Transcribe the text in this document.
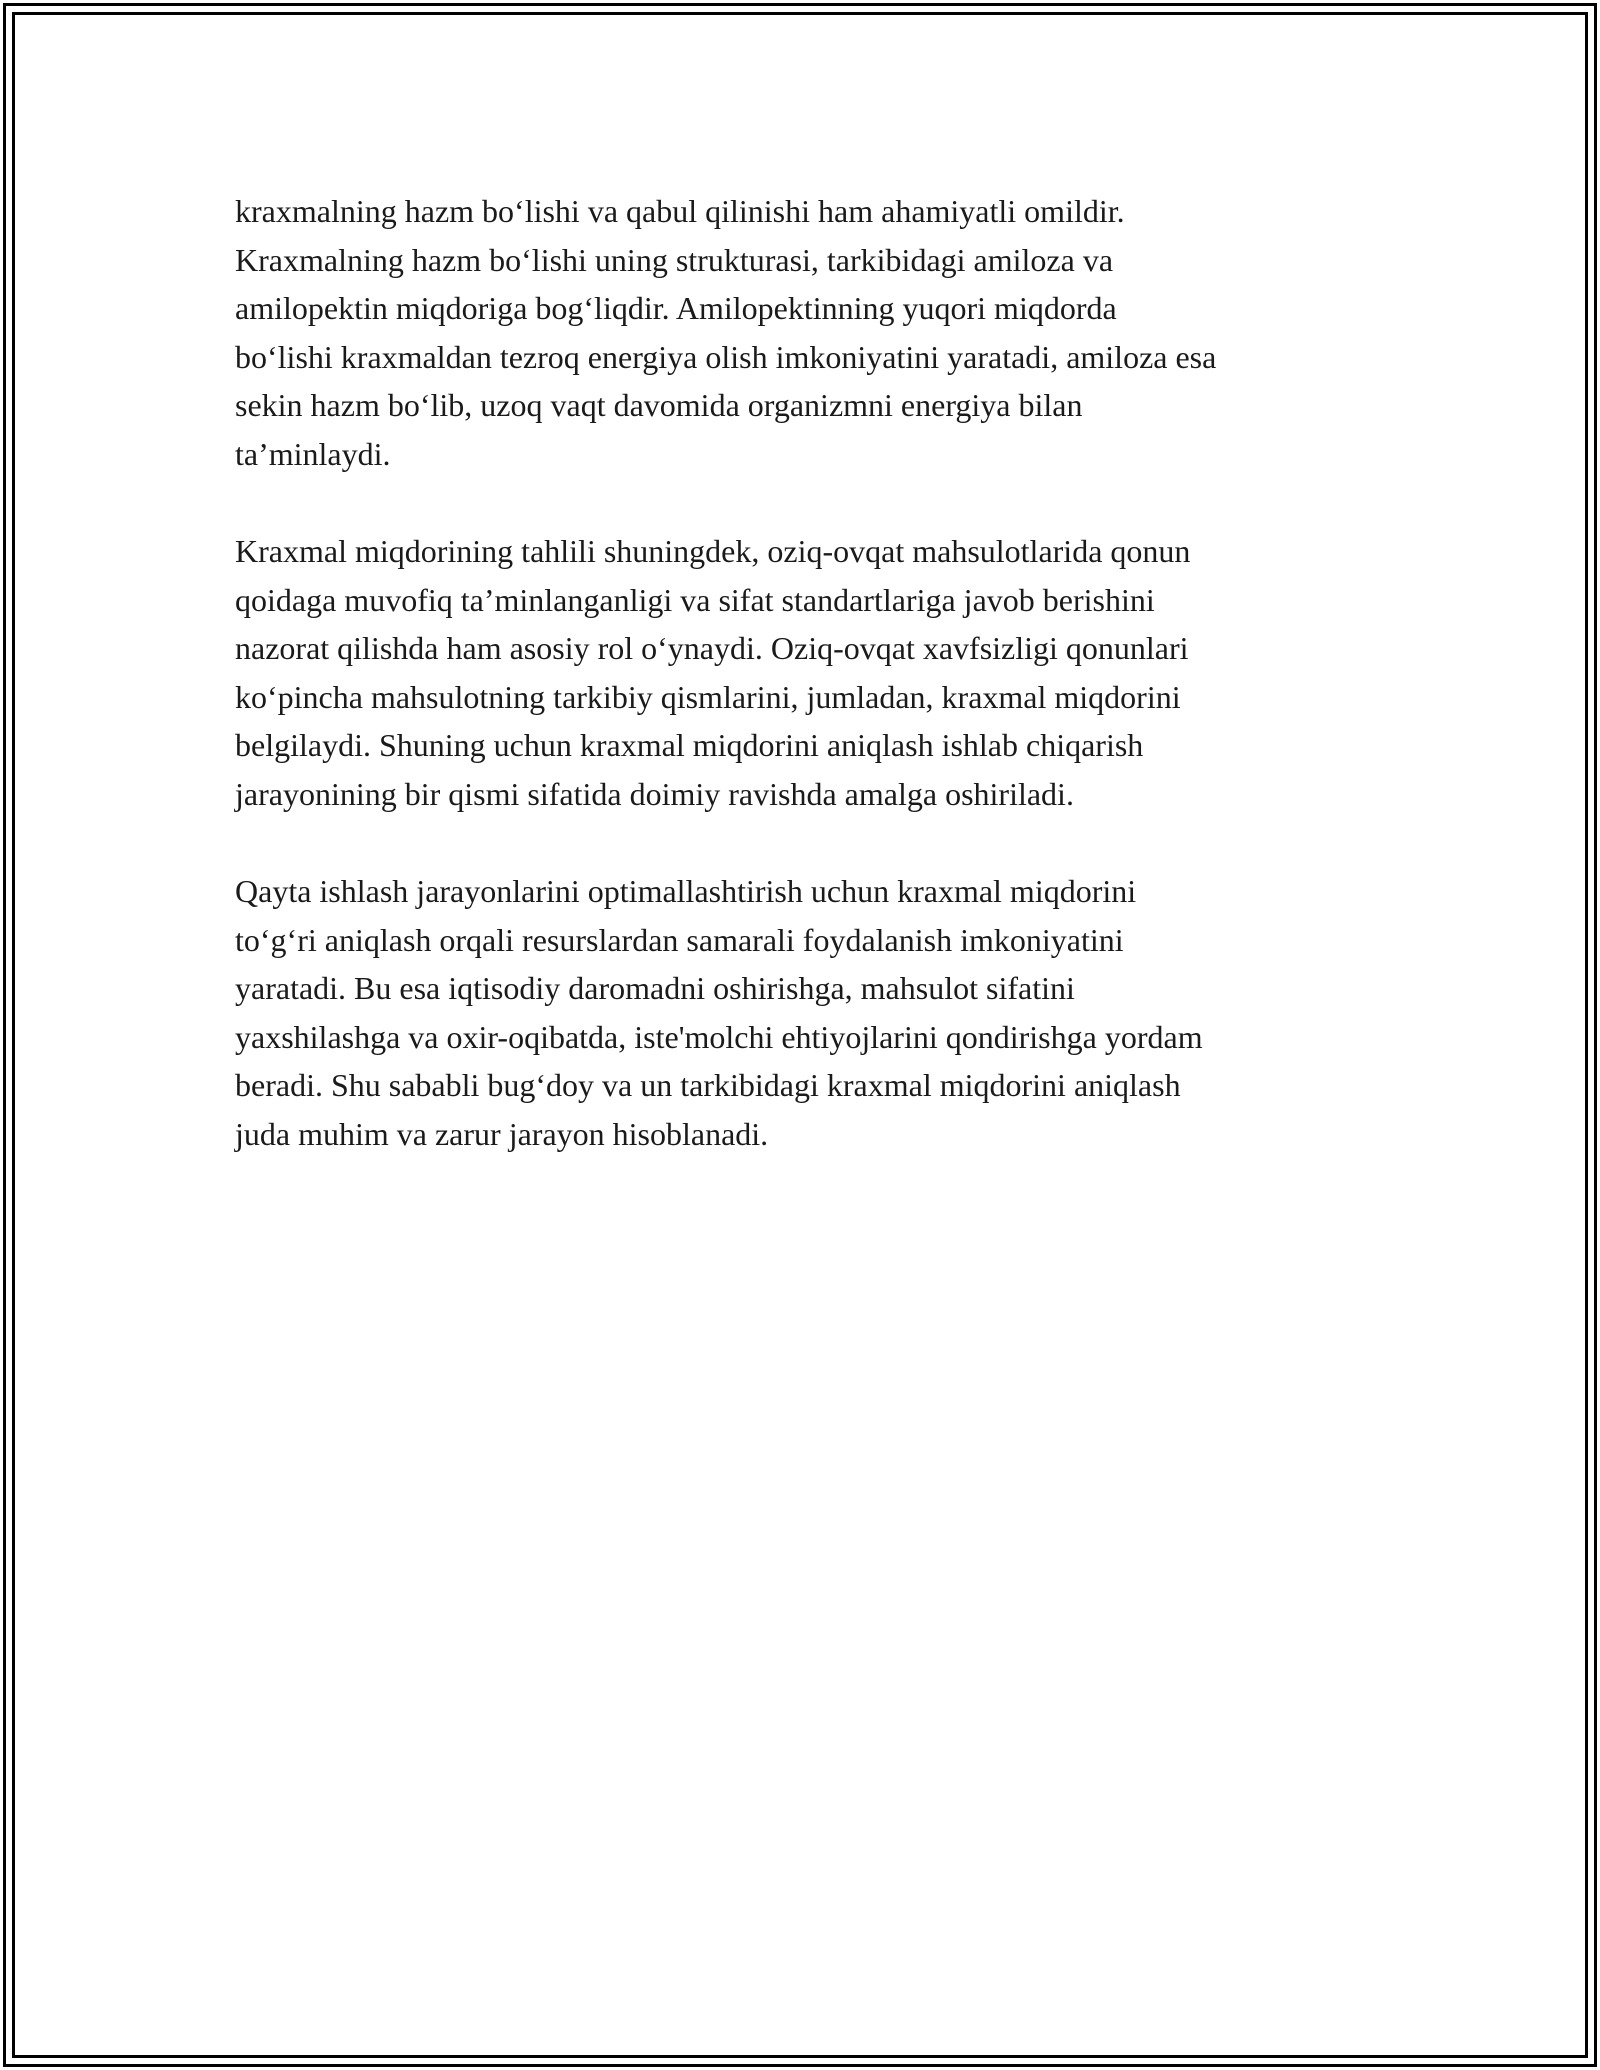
kraxmalning hazm bo‘lishi va qabul qilinishi ham ahamiyatli omildir.
Kraxmalning hazm bo‘lishi uning strukturasi, tarkibidagi amiloza va
amilopektin miqdoriga bog‘liqdir. Amilopektinning yuqori miqdorda
bo‘lishi kraxmaldan tezroq energiya olish imkoniyatini yaratadi, amiloza esa
sekin hazm bo‘lib, uzoq vaqt davomida organizmni energiya bilan
ta’minlaydi.

Kraxmal miqdorining tahlili shuningdek, oziq-ovqat mahsulotlarida qonun
qoidaga muvofiq ta’minlanganligi va sifat standartlariga javob berishini
nazorat qilishda ham asosiy rol o‘ynaydi. Oziq-ovqat xavfsizligi qonunlari
ko‘pincha mahsulotning tarkibiy qismlarini, jumladan, kraxmal miqdorini
belgilaydi. Shuning uchun kraxmal miqdorini aniqlash ishlab chiqarish
jarayonining bir qismi sifatida doimiy ravishda amalga oshiriladi.

Qayta ishlash jarayonlarini optimallashtirish uchun kraxmal miqdorini
to‘g‘ri aniqlash orqali resurslardan samarali foydalanish imkoniyatini
yaratadi. Bu esa iqtisodiy daromadni oshirishga, mahsulot sifatini
yaxshilashga va oxir-oqibatda, iste'molchi ehtiyojlarini qondirishga yordam
beradi. Shu sababli bug‘doy va un tarkibidagi kraxmal miqdorini aniqlash
juda muhim va zarur jarayon hisoblanadi.
